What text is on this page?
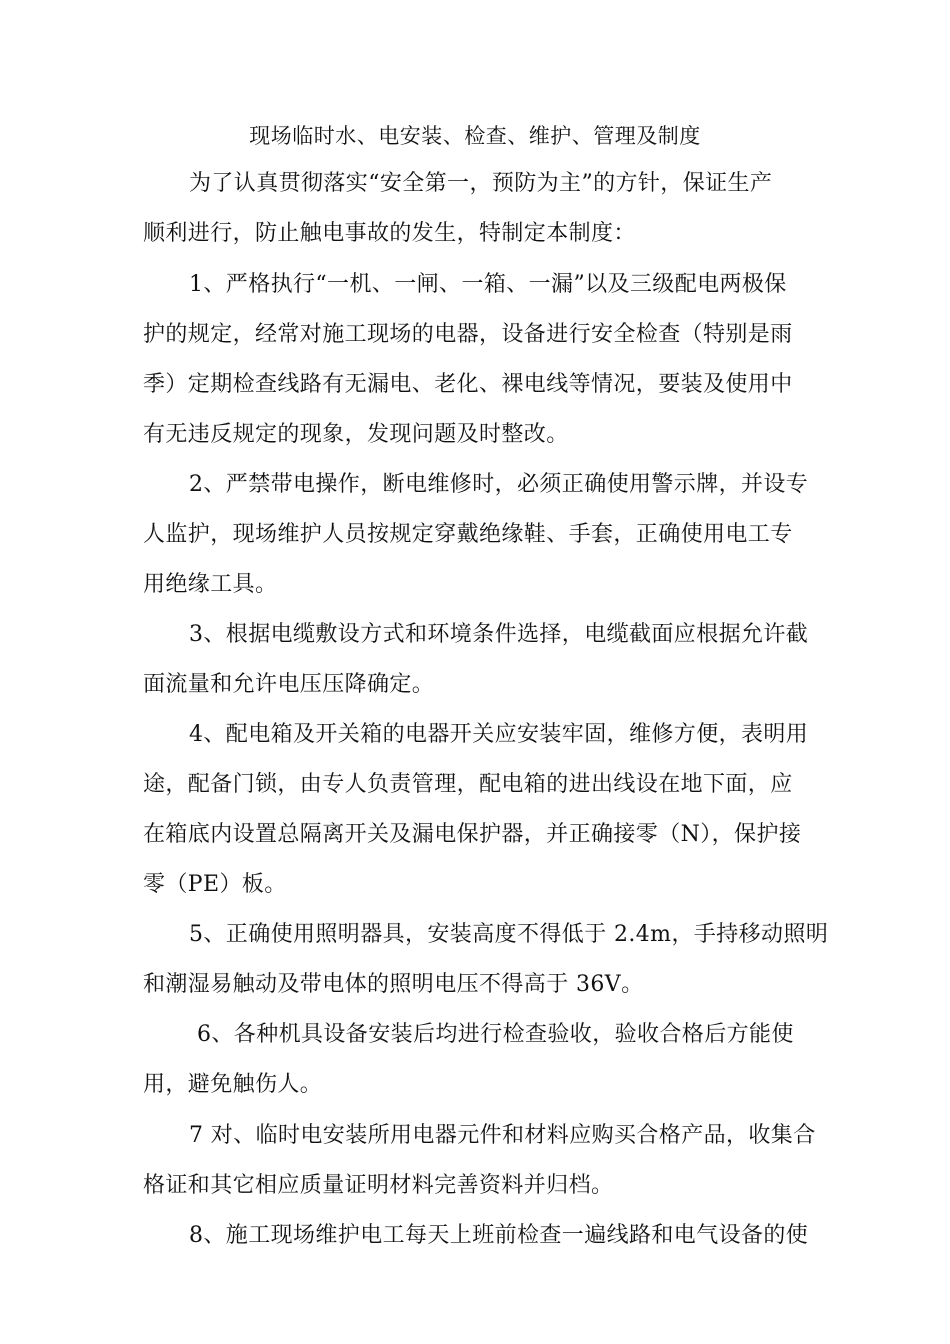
现场临时水、电安装、检查、维护、管理及制度
为了认真贯彻落实“安全第一，预防为主”的方针，保证生产
顺利进行，防止触电事故的发生，特制定本制度：
1、严格执行“一机、一闸、一箱、一漏”以及三级配电两极保
护的规定，经常对施工现场的电器，设备进行安全检查（特别是雨
季）定期检查线路有无漏电、老化、裸电线等情况，要装及使用中
有无违反规定的现象，发现问题及时整改。
2、严禁带电操作，断电维修时，必须正确使用警示牌，并设专
人监护，现场维护人员按规定穿戴绝缘鞋、手套，正确使用电工专
用绝缘工具。
3、根据电缆敷设方式和环境条件选择，电缆截面应根据允许截
面流量和允许电压压降确定。
4、配电箱及开关箱的电器开关应安装牢固，维修方便，表明用
途，配备门锁，由专人负责管理，配电箱的进出线设在地下面，应
在箱底内设置总隔离开关及漏电保护器，并正确接零（N），保护接
零（PE）板。
5、正确使用照明器具，安装高度不得低于 2.4m，手持移动照明
和潮湿易触动及带电体的照明电压不得高于 36V。
6、各种机具设备安装后均进行检查验收，验收合格后方能使
用，避免触伤人。
7 对、临时电安装所用电器元件和材料应购买合格产品，收集合
格证和其它相应质量证明材料完善资料并归档。
8、施工现场维护电工每天上班前检查一遍线路和电气设备的使
